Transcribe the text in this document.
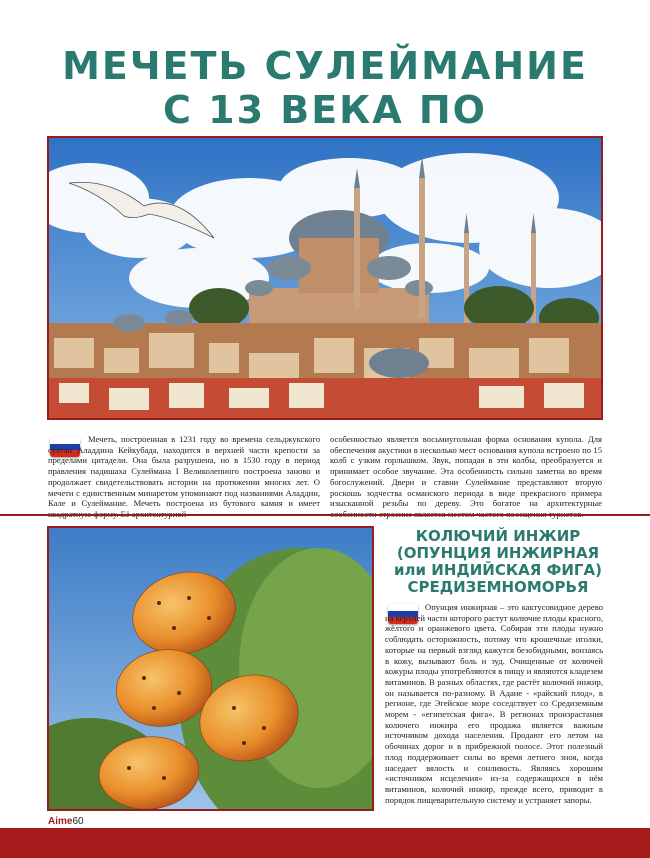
МЕЧЕТЬ СУЛЕЙМАНИЕ
С 13 ВЕКА ПО
Мечеть, построенная в 1231 году во времена сельджукского султан Аладдина Кейкубада, находится в верхней части крепости за пределами цитадели. Она была разрушена, но в 1530 году в период правления падишаха Сулеймана I Великолепного построена заново и продолжает свидетельствовать истории на протяжении многих лет. О мечети с единственным минаретом упоминают под названиями Аладдин, Кале и Сулеймание. Мечеть построена из бутового камня и имеет
особенностью является восьмиугольная форма основания купола. Для обеспечения акустики в несколько мест основания купола встроено по 15 колб с узким горлышком. Звук, попадая в эти колбы, преобразуется и принимает особое звучание. Эта особенность сильно заметна во время богослужений. Двери и ставни Сулеймание представляют вторую роскошь зодчества османского периода в виде прекрасного примера изысканной резьбы по дереву. Это богатое на архитектурные
КОЛЮЧИЙ ИНЖИР
(ОПУНЦИЯ ИНЖИРНАЯ
или ИНДИЙСКАЯ ФИГА)
СРЕДИЗЕМНОМОРЬЯ
Опунция инжирная – это кактусовидное дерево на верхней части которого растут колючие плоды красного, жёлтого и оранжевого цвета. Собирая эти плоды нужно соблюдать осторожность, потому что крошечные иголки, которые на первый взгляд кажутся безобидными, вонзаясь в кожу, вызывают боль и зуд. Очищенные от колючей кожуры плоды употребляются в пищу и являются кладезем витаминов. В разных областях, где растёт колючий инжир, он называется по-разному. В Адане - «райский плод», в регионе, где Эгейское море соседствует со Средиземным морем - «египетская фига». В регионах произрастания колючего инжира его продажа является важным источником дохода населения. Продают его летом на обочинах дорог и в прибрежной полосе. Этот полезный плод поддерживает силы во время летнего зноя, когда наседает вялость и сонливость. Являясь хорошим «источником исцеления» из-за содержащихся в нём витаминов, колючий инжир, прежде всего, приводит в порядок пищеварительную систему и устраняет запоры.
Aime60
